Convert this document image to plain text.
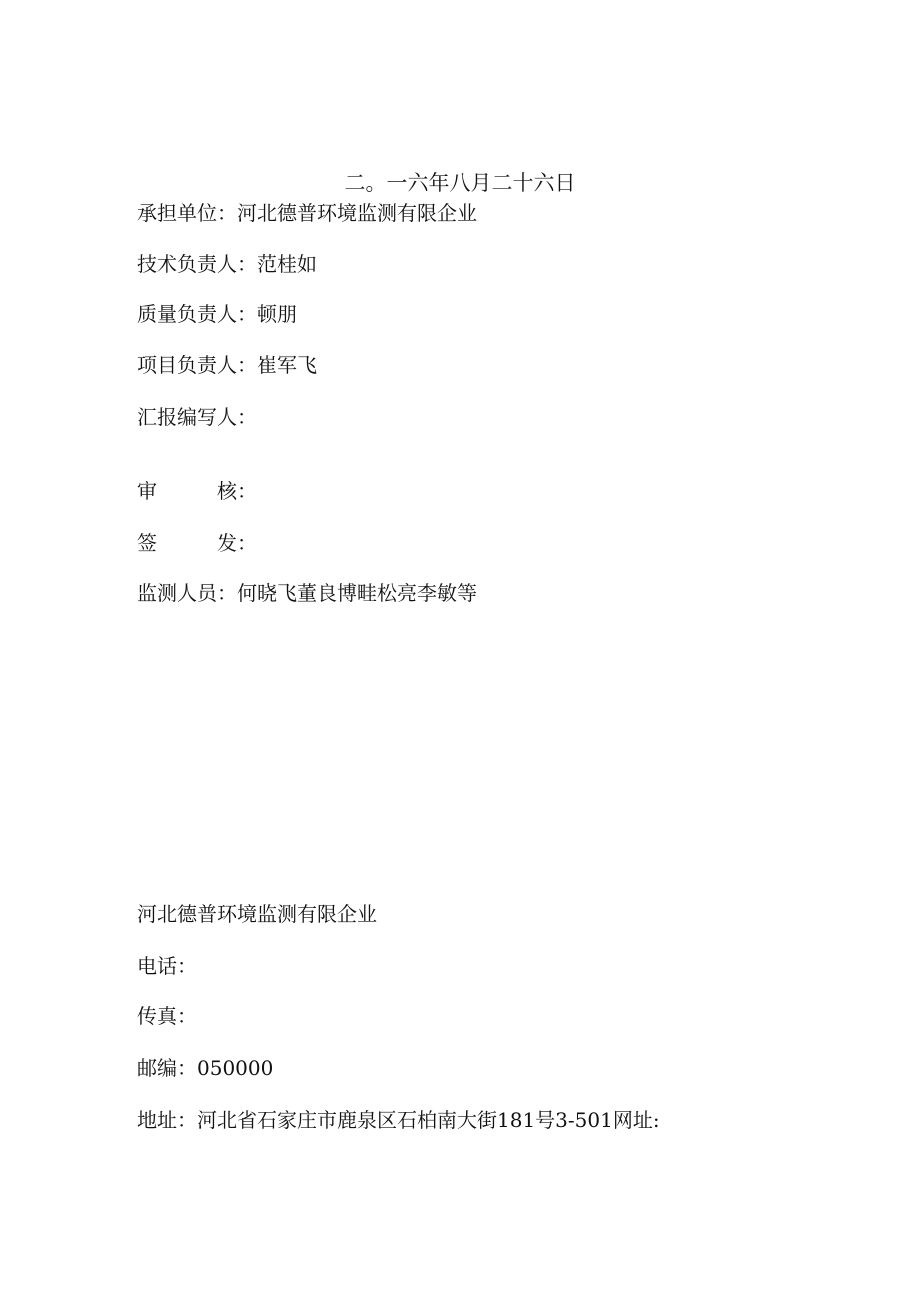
二。一六年八月二十六日
承担单位：河北德普环境监测有限企业
技术负责人：范桂如
质量负责人：顿朋
项目负责人：崔军飞
汇报编写人：
审	核：
签	发：
监测人员：何晓飞董良博畦松亮李敏等
河北德普环境监测有限企业
电话：
传真：
邮编：050000
地址：河北省石家庄市鹿泉区石柏南大街181号3-501网址:
